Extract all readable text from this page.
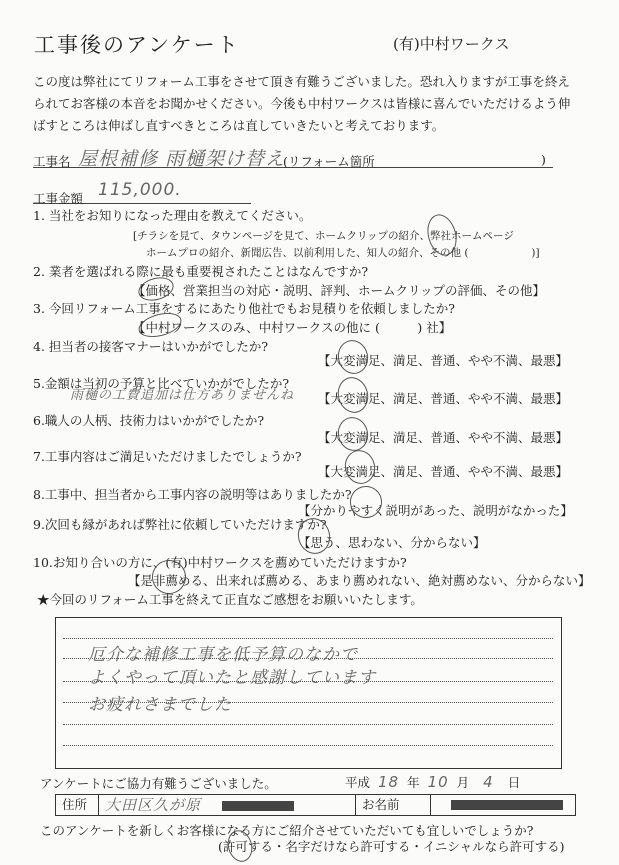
工事後のアンケート	(有)中村ワークス
この度は弊社にてリフォーム工事をさせて頂き有難うございました。恐れ入りますが工事を終え
られてお客様の本音をお聞かせください。今後も中村ワークスは皆様に喜んでいただけるよう伸
ばすところは伸ばし直すべきところは直していきたいと考えております。
工事名 屋根補修 雨樋架け替え
(リフォーム箇所	)
工事金額 115,000.
1. 当社をお知りになった理由を教えてください。
[チラシを見て、タウンページを見て、ホームクリップの紹介、弊社ホームページ
ホームプロの紹介、新聞広告、以前利用した、知人の紹介、その他 (　　　　　　)]
2. 業者を選ばれる際に最も重要視されたことはなんですか?
【価格、営業担当の対応・説明、評判、ホームクリップの評価、その他】
3. 今回リフォーム工事をするにあたり他社でもお見積りを依頼しましたか?
【中村ワークスのみ、中村ワークスの他に (　　　) 社】
4. 担当者の接客マナーはいかがでしたか?
【大変満足、満足、普通、やや不満、最悪】
5.金額は当初の予算と比べていかがでしたか?
雨樋の工費追加は仕方ありませんね 【大変満足、満足、普通、やや不満、最悪】
6.職人の人柄、技術力はいかがでしたか?
【大変満足、満足、普通、やや不満、最悪】
7.工事内容はご満足いただけましたでしょうか?
【大変満足、満足、普通、やや不満、最悪】
8.工事中、担当者から工事内容の説明等はありましたか?
【分かりやすく説明があった、説明がなかった】
9.次回も縁があれば弊社に依頼していただけますか?
【思う、思わない、分からない】
10.お知り合いの方に、(有)中村ワークスを薦めていただけますか?
【是非薦める、出来れば薦める、あまり薦めれない、絶対薦めない、分からない】
★今回のリフォーム工事を終えて正直なご感想をお願いいたします。
厄介な補修工事を低予算のなかで
よくやって頂いたと感謝しています
お疲れさまでした
アンケートにご協力有難うございました。	平成 18 年 10 月 4 日
住所	大田区久が原	お名前
このアンケートを新しくお客様になる方にご紹介させていただいても宜しいでしょうか?
(許可する・名字だけなら許可する・イニシャルなら許可する)
